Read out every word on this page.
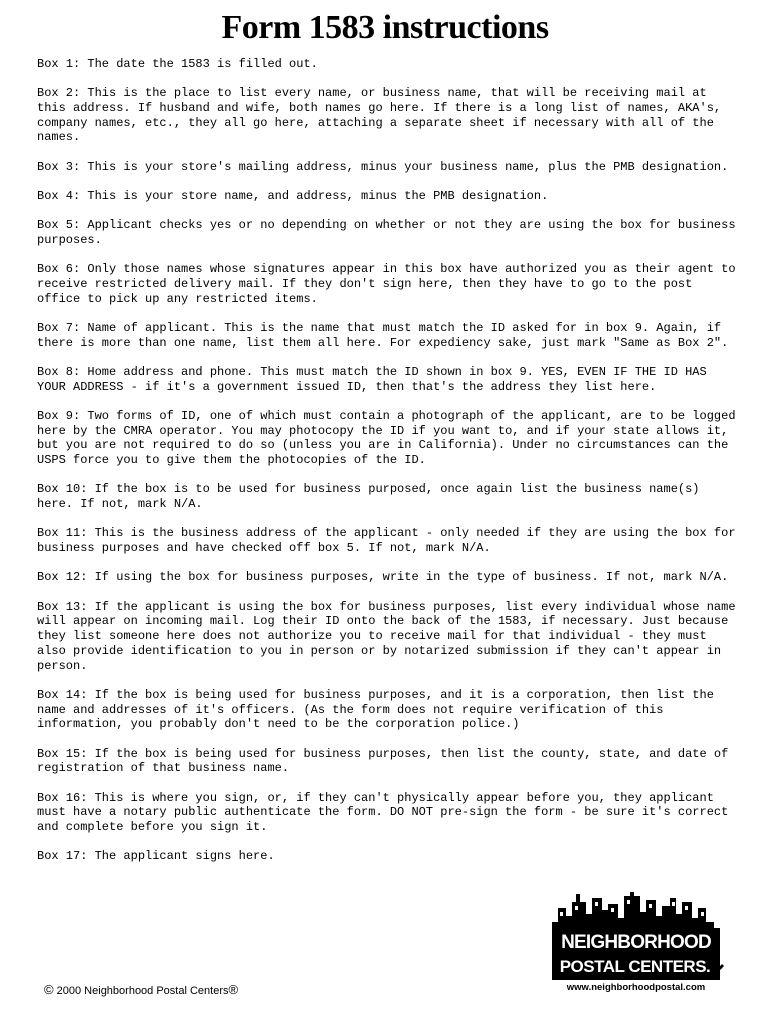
Form 1583 instructions

Box 1: The date the 1583 is filled out.

Box 2: This is the place to list every name, or business name, that will be receiving mail at this address. If husband and wife, both names go here. If there is a long list of names, AKA's, company names, etc., they all go here, attaching a separate sheet if necessary with all of the names.

Box 3: This is your store's mailing address, minus your business name, plus the PMB designation.

Box 4: This is your store name, and address, minus the PMB designation.

Box 5: Applicant checks yes or no depending on whether or not they are using the box for business purposes.

Box 6: Only those names whose signatures appear in this box have authorized you as their agent to receive restricted delivery mail. If they don't sign here, then they have to go to the post office to pick up any restricted items.

Box 7: Name of applicant. This is the name that must match the ID asked for in box 9. Again, if there is more than one name, list them all here. For expediency sake, just mark "Same as Box 2".

Box 8: Home address and phone. This must match the ID shown in box 9. YES, EVEN IF THE ID HAS YOUR ADDRESS - if it's a government issued ID, then that's the address they list here.

Box 9: Two forms of ID, one of which must contain a photograph of the applicant, are to be logged here by the CMRA operator. You may photocopy the ID if you want to, and if your state allows it, but you are not required to do so (unless you are in California). Under no circumstances can the USPS force you to give them the photocopies of the ID.

Box 10: If the box is to be used for business purposed, once again list the business name(s) here. If not, mark N/A.

Box 11: This is the business address of the applicant - only needed if they are using the box for business purposes and have checked off box 5. If not, mark N/A.

Box 12: If using the box for business purposes, write in the type of business. If not, mark N/A.

Box 13: If the applicant is using the box for business purposes, list every individual whose name will appear on incoming mail. Log their ID onto the back of the 1583, if necessary. Just because they list someone here does not authorize you to receive mail for that individual - they must also provide identification to you in person or by notarized submission if they can't appear in person.

Box 14: If the box is being used for business purposes, and it is a corporation, then list the name and addresses of it's officers. (As the form does not require verification of this information, you probably don't need to be the corporation police.)

Box 15: If the box is being used for business purposes, then list the county, state, and date of registration of that business name.

Box 16: This is where you sign, or, if they can't physically appear before you, they applicant must have a notary public authenticate the form. DO NOT pre-sign the form - be sure it's correct and complete before you sign it.

Box 17: The applicant signs here.

© 2000 Neighborhood Postal Centers®
NEIGHBORHOOD
POSTAL CENTERS.
www.neighborhoodpostal.com
